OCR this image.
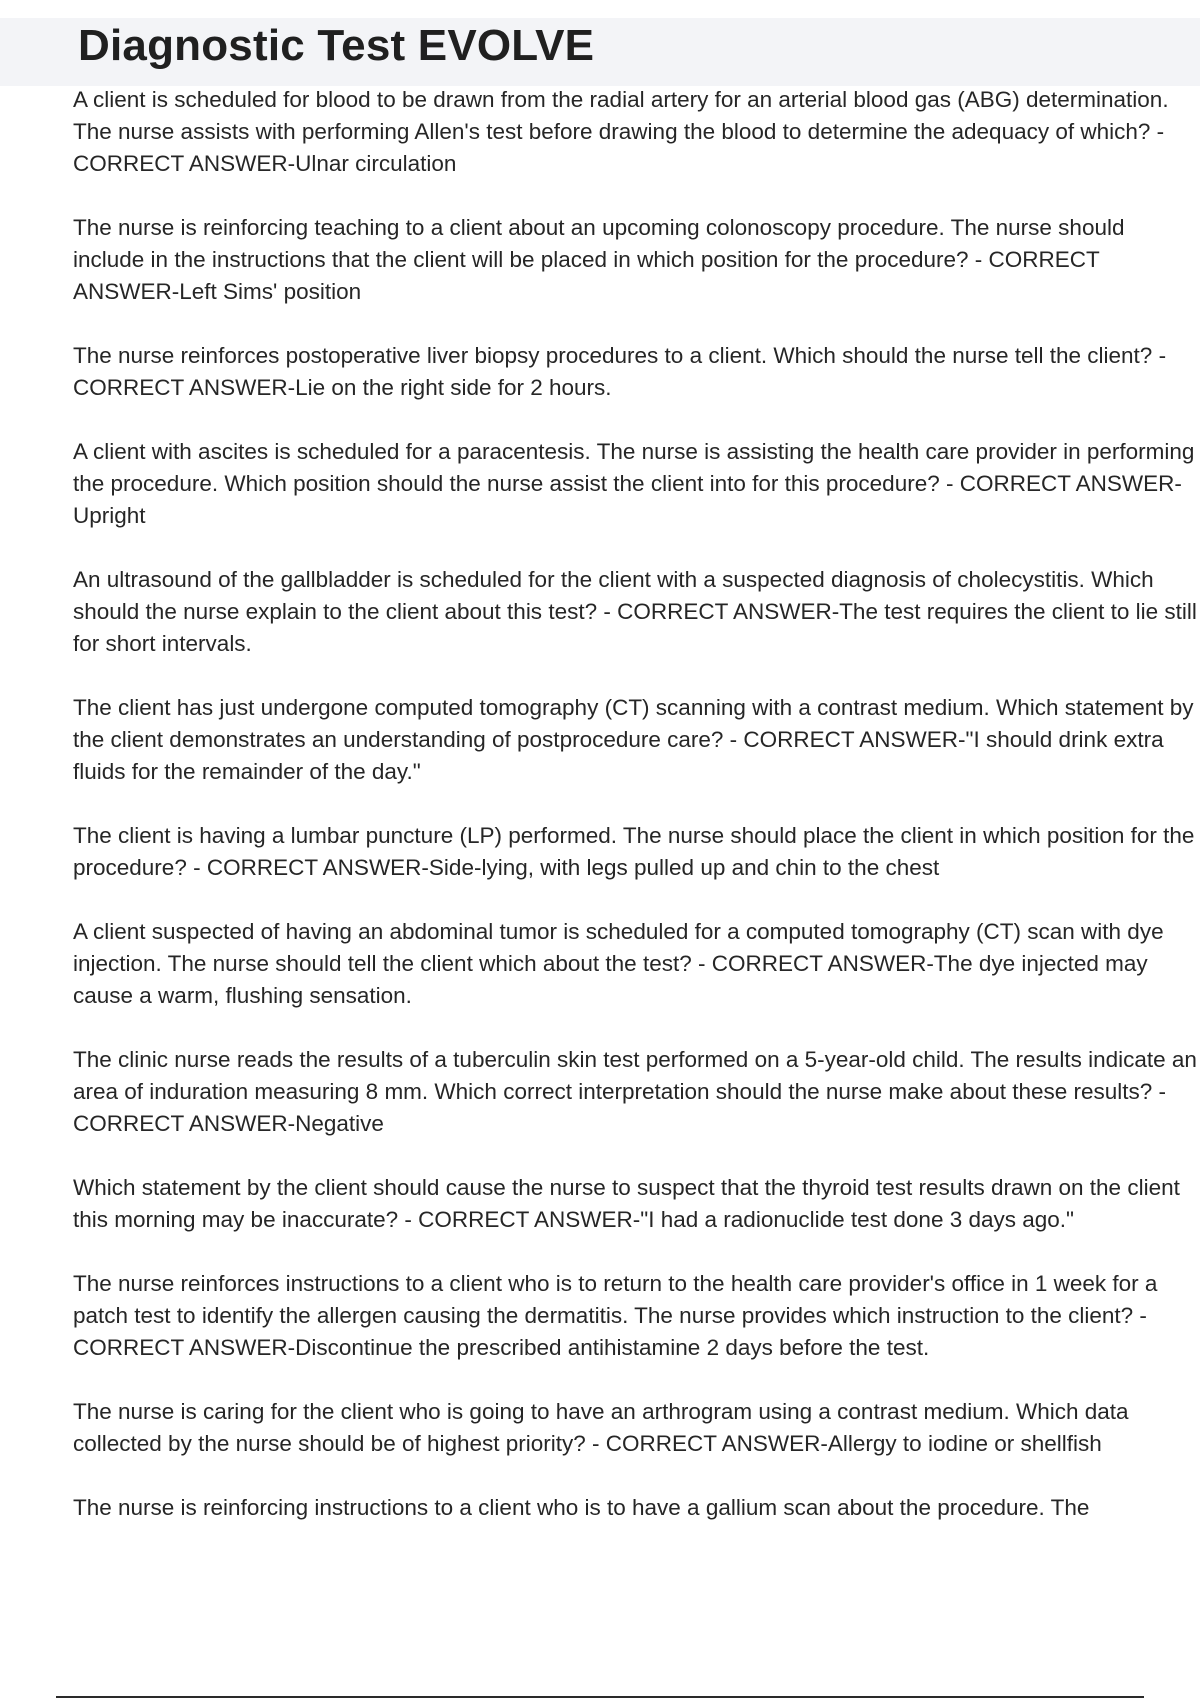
Diagnostic Test EVOLVE

A client is scheduled for blood to be drawn from the radial artery for an arterial blood gas (ABG) determination. The nurse assists with performing Allen's test before drawing the blood to determine the adequacy of which? - CORRECT ANSWER-Ulnar circulation

The nurse is reinforcing teaching to a client about an upcoming colonoscopy procedure. The nurse should include in the instructions that the client will be placed in which position for the procedure? - CORRECT ANSWER-Left Sims' position

The nurse reinforces postoperative liver biopsy procedures to a client. Which should the nurse tell the client? - CORRECT ANSWER-Lie on the right side for 2 hours.

A client with ascites is scheduled for a paracentesis. The nurse is assisting the health care provider in performing the procedure. Which position should the nurse assist the client into for this procedure? - CORRECT ANSWER-Upright

An ultrasound of the gallbladder is scheduled for the client with a suspected diagnosis of cholecystitis. Which should the nurse explain to the client about this test? - CORRECT ANSWER-The test requires the client to lie still for short intervals.

The client has just undergone computed tomography (CT) scanning with a contrast medium. Which statement by the client demonstrates an understanding of postprocedure care? - CORRECT ANSWER-"I should drink extra fluids for the remainder of the day."

The client is having a lumbar puncture (LP) performed. The nurse should place the client in which position for the procedure? - CORRECT ANSWER-Side-lying, with legs pulled up and chin to the chest

A client suspected of having an abdominal tumor is scheduled for a computed tomography (CT) scan with dye injection. The nurse should tell the client which about the test? - CORRECT ANSWER-The dye injected may cause a warm, flushing sensation.

The clinic nurse reads the results of a tuberculin skin test performed on a 5-year-old child. The results indicate an area of induration measuring 8 mm. Which correct interpretation should the nurse make about these results? - CORRECT ANSWER-Negative

Which statement by the client should cause the nurse to suspect that the thyroid test results drawn on the client this morning may be inaccurate? - CORRECT ANSWER-"I had a radionuclide test done 3 days ago."

The nurse reinforces instructions to a client who is to return to the health care provider's office in 1 week for a patch test to identify the allergen causing the dermatitis. The nurse provides which instruction to the client? - CORRECT ANSWER-Discontinue the prescribed antihistamine 2 days before the test.

The nurse is caring for the client who is going to have an arthrogram using a contrast medium. Which data collected by the nurse should be of highest priority? - CORRECT ANSWER-Allergy to iodine or shellfish

The nurse is reinforcing instructions to a client who is to have a gallium scan about the procedure. The
